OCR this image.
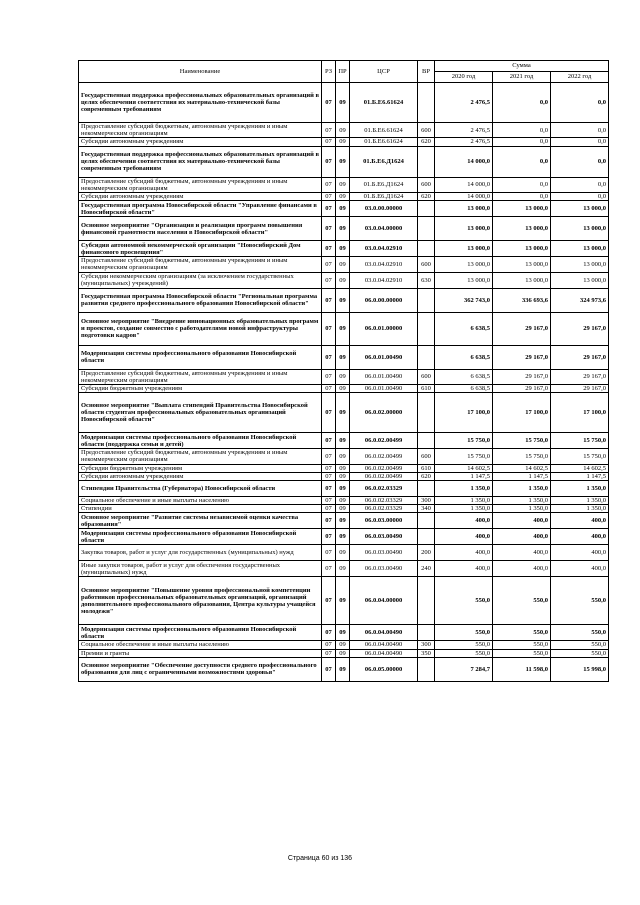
Наименование	РЗ	ПР	ЦСР	ВР	Сумма		
					2020 год	2021 год	2022 год
Государственная поддержка профессиональных образовательных организаций в целях обеспечения соответствия их материально-технической базы современным требованиям	07	09	01.Б.Е6.61624		2 476,5	0,0	0,0
Предоставление субсидий бюджетным, автономным учреждениям и иным некоммерческим организациям	07	09	01.Б.Е6.61624	600	2 476,5	0,0	0,0
Субсидии автономным учреждениям	07	09	01.Б.Е6.61624	620	2 476,5	0,0	0,0
Государственная поддержка профессиональных образовательных организаций в целях обеспечения соответствия их материально-технической базы современным требованиям	07	09	01.Б.Е6.Д1624		14 000,0	0,0	0,0
Предоставление субсидий бюджетным, автономным учреждениям и иным некоммерческим организациям	07	09	01.Б.Е6.Д1624	600	14 000,0	0,0	0,0
Субсидии автономным учреждениям	07	09	01.Б.Е6.Д1624	620	14 000,0	0,0	0,0
Государственная программа Новосибирской области "Управление финансами в Новосибирской области"	07	09	03.0.00.00000		13 000,0	13 000,0	13 000,0
Основное мероприятие "Организация и реализация программ повышения финансовой грамотности населения в Новосибирской области"	07	09	03.0.04.00000		13 000,0	13 000,0	13 000,0
Субсидия автономной некоммерческой организации "Новосибирский Дом финансового просвещения"	07	09	03.0.04.02910		13 000,0	13 000,0	13 000,0
Предоставление субсидий бюджетным, автономным учреждениям и иным некоммерческим организациям	07	09	03.0.04.02910	600	13 000,0	13 000,0	13 000,0
Субсидии некоммерческим организациям (за исключением государственных (муниципальных) учреждений)	07	09	03.0.04.02910	630	13 000,0	13 000,0	13 000,0
Государственная программа Новосибирской области "Региональная программа развития среднего профессионального образования Новосибирской области"	07	09	06.0.00.00000		362 743,0	336 693,6	324 973,6
Основное мероприятие "Внедрение инновационных образовательных программ и проектов, создание совместно с работодателями новой инфраструктуры подготовки кадров"	07	09	06.0.01.00000		6 638,5	29 167,0	29 167,0
Модернизация системы профессионального образования Новосибирской области	07	09	06.0.01.00490		6 638,5	29 167,0	29 167,0
Предоставление субсидий бюджетным, автономным учреждениям и иным некоммерческим организациям	07	09	06.0.01.00490	600	6 638,5	29 167,0	29 167,0
Субсидии бюджетным учреждениям	07	09	06.0.01.00490	610	6 638,5	29 167,0	29 167,0
Основное мероприятие "Выплата стипендий Правительства Новосибирской области студентам профессиональных образовательных организаций Новосибирской области"	07	09	06.0.02.00000		17 100,0	17 100,0	17 100,0
Модернизация системы профессионального образования Новосибирской области (поддержка семьи и детей)	07	09	06.0.02.00499		15 750,0	15 750,0	15 750,0
Предоставление субсидий бюджетным, автономным учреждениям и иным некоммерческим организациям	07	09	06.0.02.00499	600	15 750,0	15 750,0	15 750,0
Субсидии бюджетным учреждениям	07	09	06.0.02.00499	610	14 602,5	14 602,5	14 602,5
Субсидии автономным учреждениям	07	09	06.0.02.00499	620	1 147,5	1 147,5	1 147,5
Стипендии Правительства (Губернатора) Новосибирской области	07	09	06.0.02.03329		1 350,0	1 350,0	1 350,0
Социальное обеспечение и иные выплаты населению	07	09	06.0.02.03329	300	1 350,0	1 350,0	1 350,0
Стипендии	07	09	06.0.02.03329	340	1 350,0	1 350,0	1 350,0
Основное мероприятие "Развитие системы независимой оценки качества образования"	07	09	06.0.03.00000		400,0	400,0	400,0
Модернизация системы профессионального образования Новосибирской области	07	09	06.0.03.00490		400,0	400,0	400,0
Закупка товаров, работ и услуг для государственных (муниципальных) нужд	07	09	06.0.03.00490	200	400,0	400,0	400,0
Иные закупки товаров, работ и услуг для обеспечения государственных (муниципальных) нужд	07	09	06.0.03.00490	240	400,0	400,0	400,0
Основное мероприятие "Повышение уровня профессиональной компетенции работников профессиональных образовательных организаций, организаций дополнительного профессионального образования, Центра культуры учащейся молодежи"	07	09	06.0.04.00000		550,0	550,0	550,0
Модернизация системы профессионального образования Новосибирской области	07	09	06.0.04.00490		550,0	550,0	550,0
Социальное обеспечение и иные выплаты населению	07	09	06.0.04.00490	300	550,0	550,0	550,0
Премии и гранты	07	09	06.0.04.00490	350	550,0	550,0	550,0
Основное мероприятие "Обеспечение доступности среднего профессионального образования для лиц с ограниченными возможностями здоровья"	07	09	06.0.05.00000		7 284,7	11 598,0	15 998,0
Страница 60 из 136
